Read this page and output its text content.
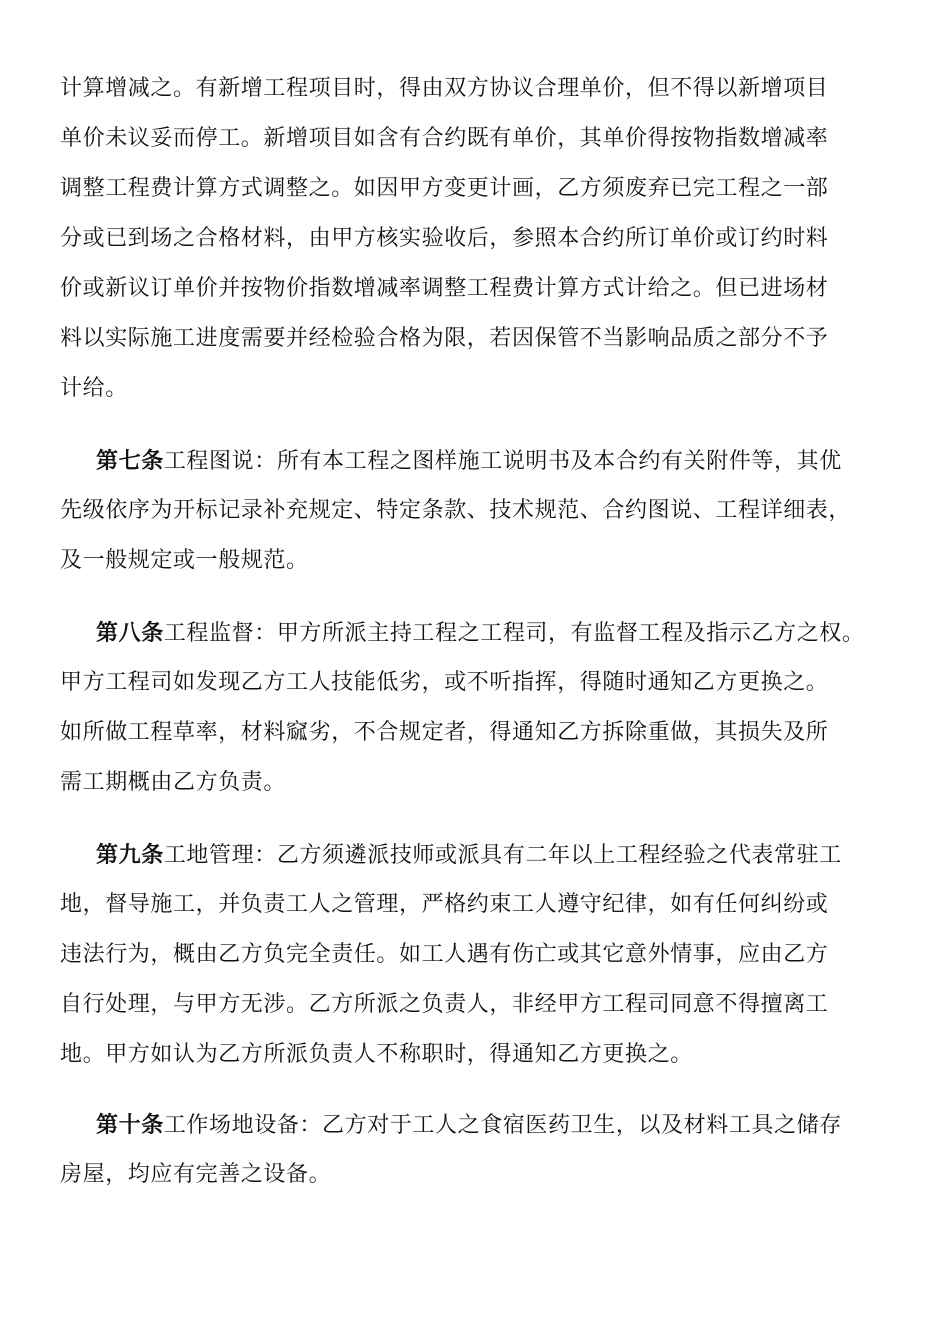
计算增减之。有新增工程项目时，得由双方协议合理单价，但不得以新增项目
单价未议妥而停工。新增项目如含有合约既有单价，其单价得按物指数增减率
调整工程费计算方式调整之。如因甲方变更计画，乙方须废弃已完工程之一部
分或已到场之合格材料，由甲方核实验收后，参照本合约所订单价或订约时料
价或新议订单价并按物价指数增减率调整工程费计算方式计给之。但已进场材
料以实际施工进度需要并经检验合格为限，若因保管不当影响品质之部分不予
计给。
第七条工程图说：所有本工程之图样施工说明书及本合约有关附件等，其优
先级依序为开标记录补充规定、特定条款、技术规范、合约图说、工程详细表，
及一般规定或一般规范。
第八条工程监督：甲方所派主持工程之工程司，有监督工程及指示乙方之权。
甲方工程司如发现乙方工人技能低劣，或不听指挥，得随时通知乙方更换之。
如所做工程草率，材料窳劣，不合规定者，得通知乙方拆除重做，其损失及所
需工期概由乙方负责。
第九条工地管理：乙方须遴派技师或派具有二年以上工程经验之代表常驻工
地，督导施工，并负责工人之管理，严格约束工人遵守纪律，如有任何纠纷或
违法行为，概由乙方负完全责任。如工人遇有伤亡或其它意外情事，应由乙方
自行处理，与甲方无涉。乙方所派之负责人，非经甲方工程司同意不得擅离工
地。甲方如认为乙方所派负责人不称职时，得通知乙方更换之。
第十条工作场地设备：乙方对于工人之食宿医药卫生，以及材料工具之储存
房屋，均应有完善之设备。
